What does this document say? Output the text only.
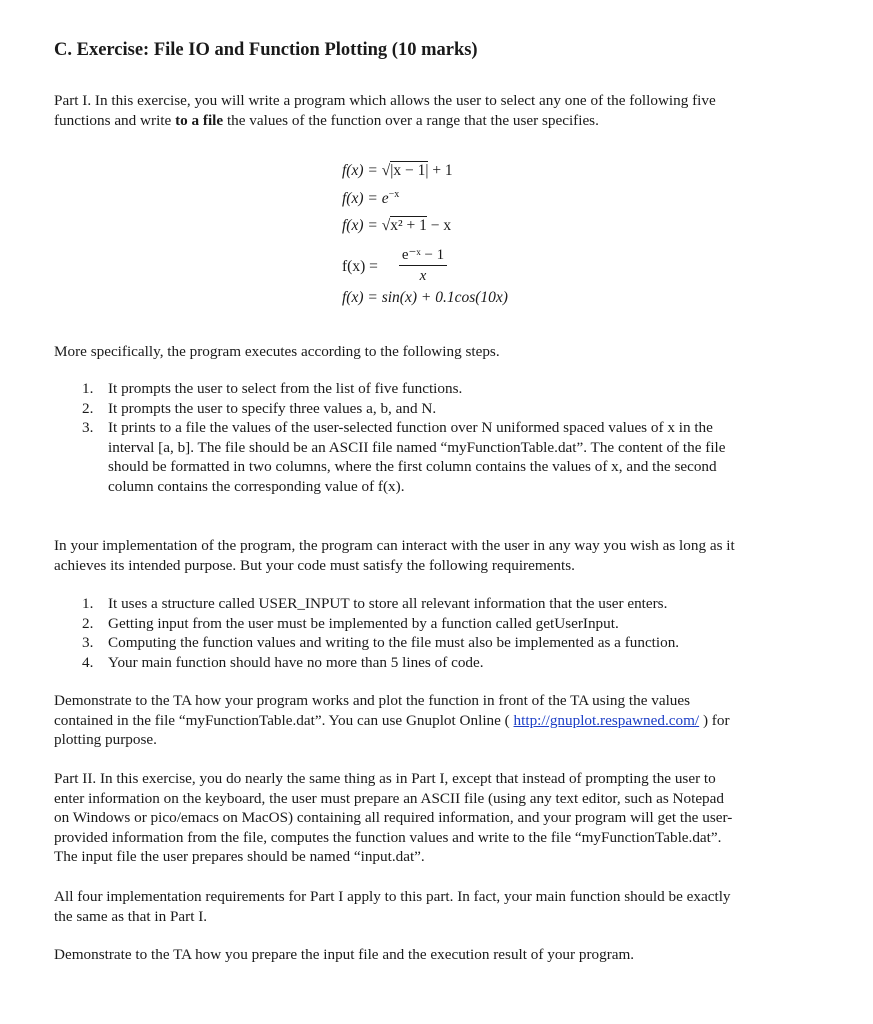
C. Exercise: File IO and Function Plotting (10 marks)

Part I. In this exercise, you will write a program which allows the user to select any one of the following five

functions and write to a file the values of the function over a range that the user specifies.

f(x) = √|x − 1| + 1
$f(x) = e^{-x}$
f(x) = √x² + 1 − x
f(x) =
e⁻ˣ − 1
x
f(x) = sin(x) + 0.1cos(10x)

More specifically, the program executes according to the following steps.

1. It prompts the user to select from the list of five functions.
2. It prompts the user to specify three values a, b, and N.
3. It prints to a file the values of the user-selected function over N uniformed spaced values of x in the
interval [a, b]. The file should be an ASCII file named “myFunctionTable.dat”. The content of the file
should be formatted in two columns, where the first column contains the values of x, and the second
column contains the corresponding value of f(x).

In your implementation of the program, the program can interact with the user in any way you wish as long as it

achieves its intended purpose. But your code must satisfy the following requirements.

1. It uses a structure called USER_INPUT to store all relevant information that the user enters.
2. Getting input from the user must be implemented by a function called getUserInput.
3. Computing the function values and writing to the file must also be implemented as a function.
4. Your main function should have no more than 5 lines of code.

Demonstrate to the TA how your program works and plot the function in front of the TA using the values

contained in the file “myFunctionTable.dat”. You can use Gnuplot Online ( http://gnuplot.respawned.com/ ) for

plotting purpose.

Part II. In this exercise, you do nearly the same thing as in Part I, except that instead of prompting the user to

enter information on the keyboard, the user must prepare an ASCII file (using any text editor, such as Notepad

on Windows or pico/emacs on MacOS) containing all required information, and your program will get the user-

provided information from the file, computes the function values and write to the file “myFunctionTable.dat”.

The input file the user prepares should be named “input.dat”.

All four implementation requirements for Part I apply to this part. In fact, your main function should be exactly

the same as that in Part I.

Demonstrate to the TA how you prepare the input file and the execution result of your program.
